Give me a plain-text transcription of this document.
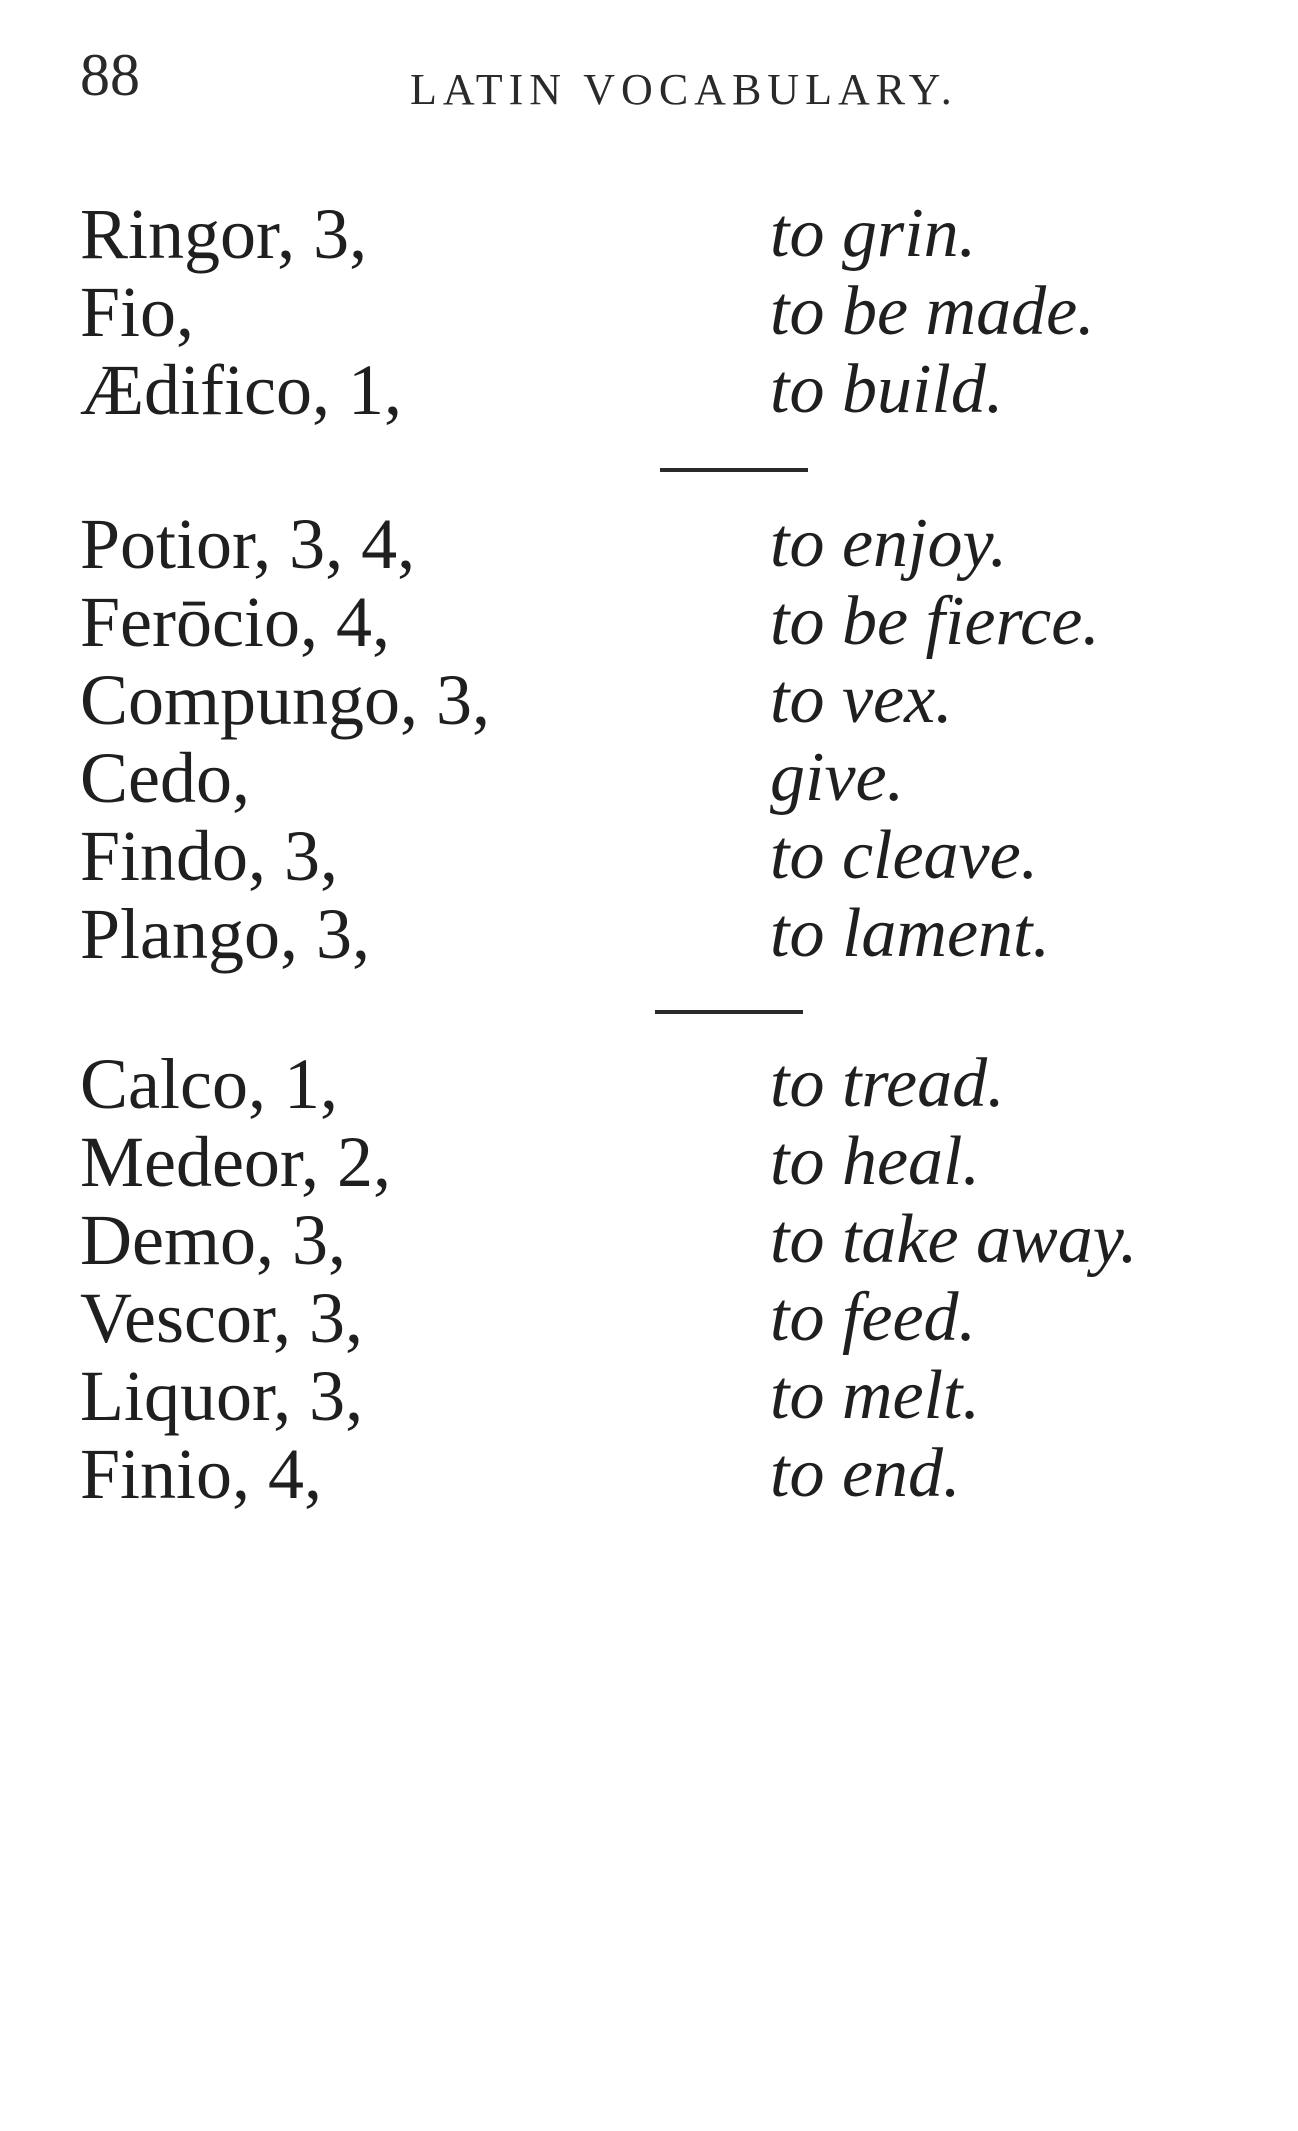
88	LATIN VOCABULARY.
Ringor, 3,	to grin.
Fio,	to be made.
Ædifico, 1,	to build.
Potior, 3, 4,	to enjoy.
Ferōcio, 4,	to be fierce.
Compungo, 3,	to vex.
Cedo,	give.
Findo, 3,	to cleave.
Plango, 3,	to lament.
Calco, 1,	to tread.
Medeor, 2,	to heal.
Demo, 3,	to take away.
Vescor, 3,	to feed.
Liquor, 3,	to melt.
Finio, 4,	to end.
